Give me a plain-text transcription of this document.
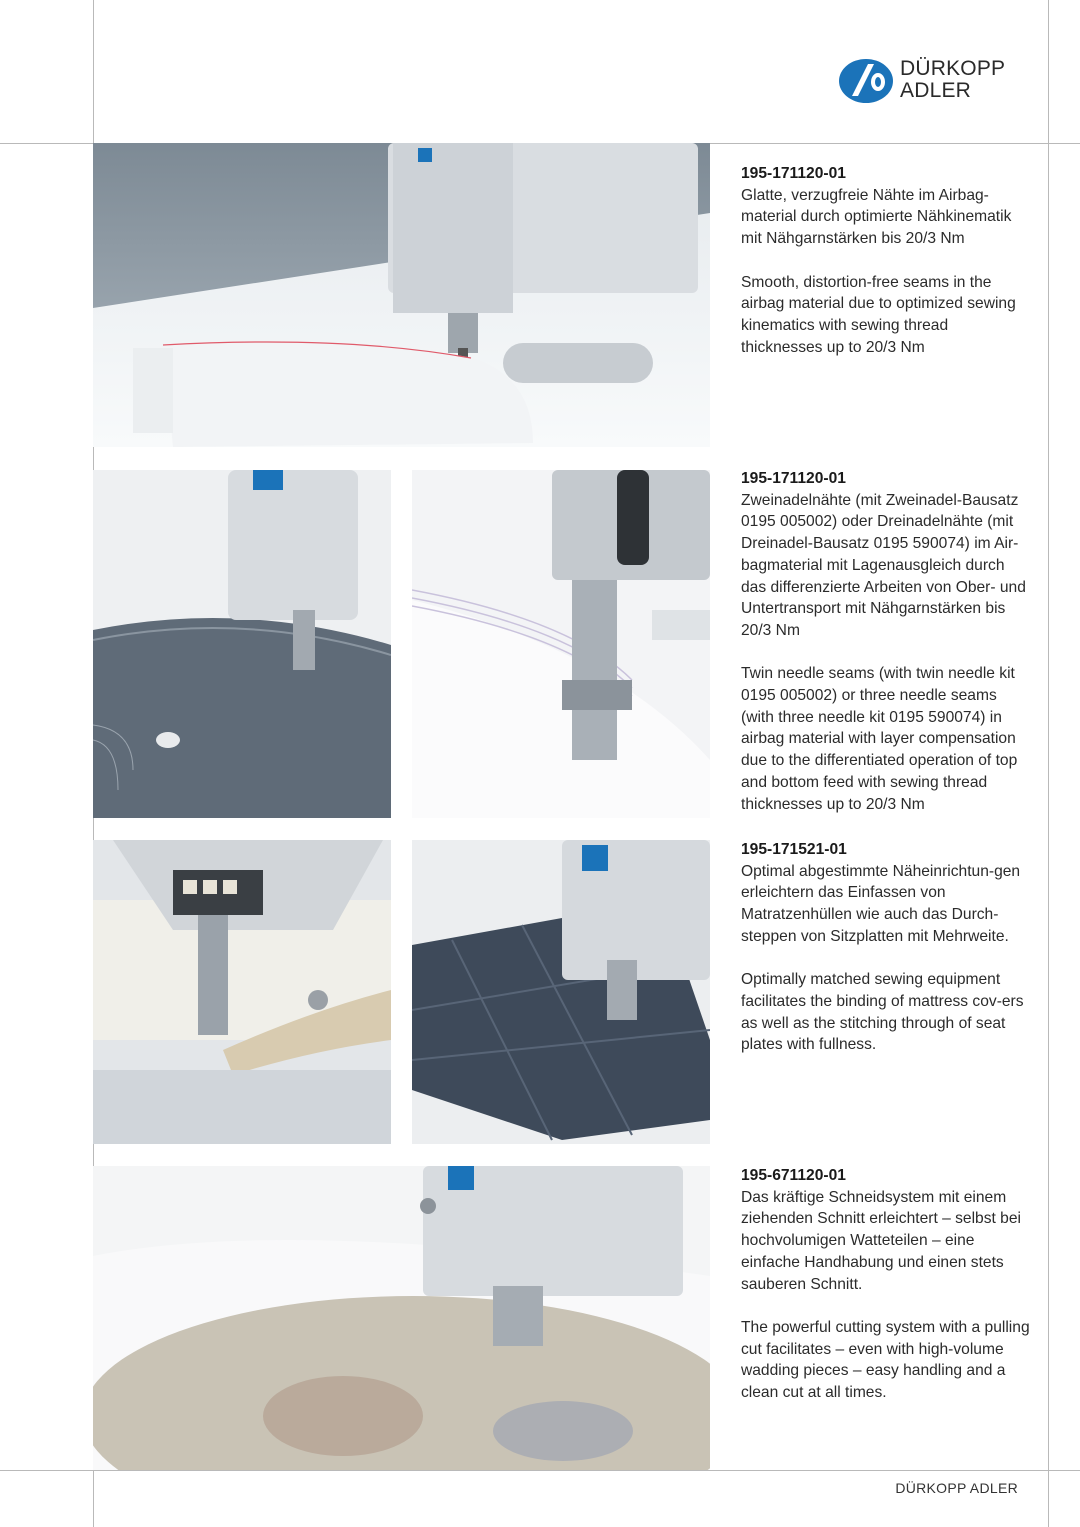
DÜRKOPP
ADLER
195-171120-01

Glatte, verzugfreie Nähte im Airbag-material durch optimierte Nähkinematik mit Nähgarnstärken bis 20/3 Nm

Smooth, distortion-free seams in the airbag material due to optimized sewing kinematics with sewing thread thicknesses up to 20/3 Nm

195-171120-01

Zweinadelnähte (mit Zweinadel-Bausatz 0195 005002) oder Dreinadelnähte (mit Dreinadel-Bausatz 0195 590074) im Air-bagmaterial mit Lagenausgleich durch das differenzierte Arbeiten von Ober- und Untertransport mit Nähgarnstärken bis 20/3 Nm

Twin needle seams (with twin needle kit 0195 005002) or three needle seams (with three needle kit 0195 590074) in airbag material with layer compensation due to the differentiated operation of top and bottom feed with sewing thread thicknesses up to 20/3 Nm

195-171521-01

Optimal abgestimmte Näheinrichtun-gen erleichtern das Einfassen von Matratzenhüllen wie auch das Durch-steppen von Sitzplatten mit Mehrweite.

Optimally matched sewing equipment facilitates the binding of mattress cov-ers as well as the stitching through of seat plates with fullness.

195-671120-01

Das kräftige Schneidsystem mit einem ziehenden Schnitt erleichtert – selbst bei hochvolumigen Watteteilen – eine einfache Handhabung und einen stets sauberen Schnitt.

The powerful cutting system with a pulling cut facilitates – even with high-volume wadding pieces – easy handling and a clean cut at all times.

DÜRKOPP ADLER
